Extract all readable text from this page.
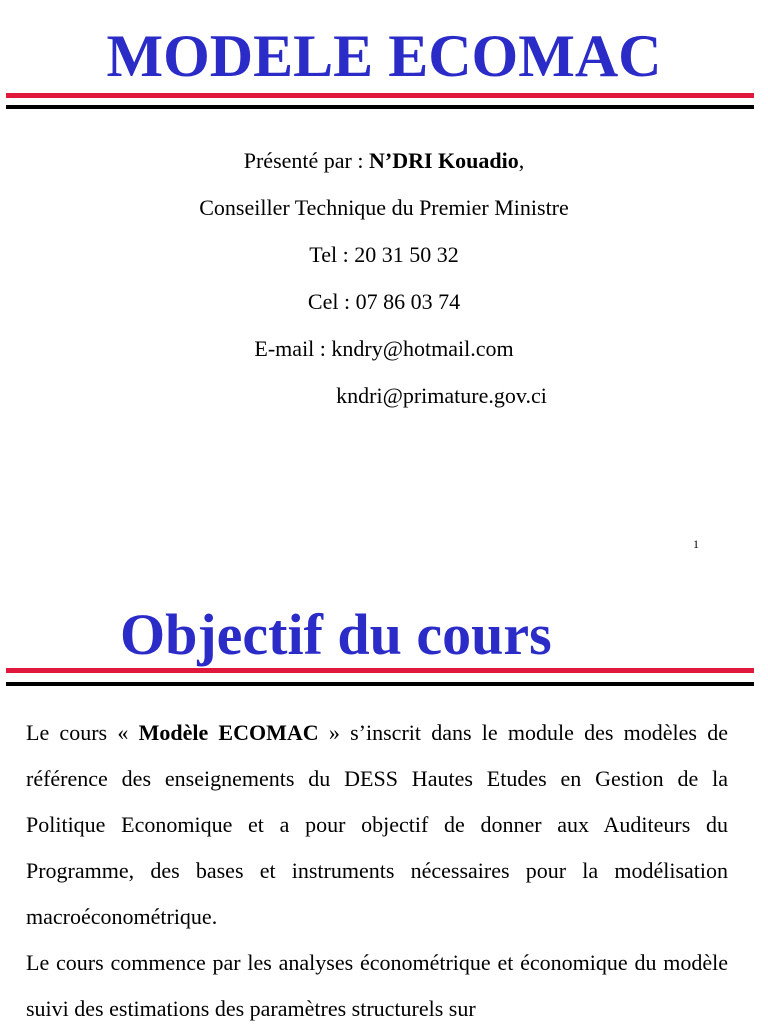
MODELE ECOMAC
Présenté par : N’DRI Kouadio,
Conseiller Technique du Premier Ministre
Tel : 20 31 50 32
Cel : 07 86 03 74
E-mail : kndry@hotmail.com
kndri@primature.gov.ci
1
Objectif du cours

Le cours « Modèle ECOMAC » s’inscrit dans le module des modèles de référence des enseignements du DESS Hautes Etudes en Gestion de la Politique Economique et a pour objectif de donner aux Auditeurs du Programme, des bases et instruments nécessaires pour la modélisation macroéconométrique.

Le cours commence par les analyses économétrique et économique du modèle suivi des estimations des paramètres structurels sur
